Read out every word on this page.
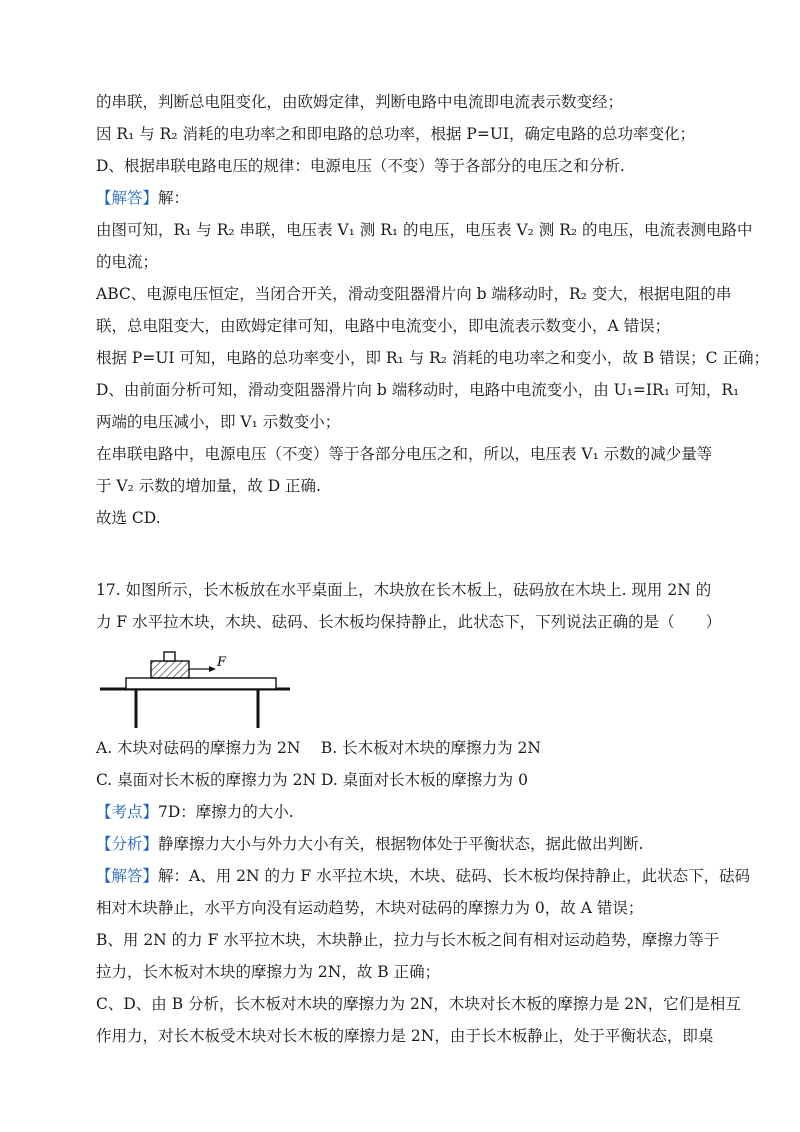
的串联，判断总电阻变化，由欧姆定律，判断电路中电流即电流表示数变经；
因 R₁ 与 R₂ 消耗的电功率之和即电路的总功率，根据 P=UI，确定电路的总功率变化；
D、根据串联电路电压的规律：电源电压（不变）等于各部分的电压之和分析.
【解答】解：
由图可知，R₁ 与 R₂ 串联，电压表 V₁ 测 R₁ 的电压，电压表 V₂ 测 R₂ 的电压，电流表测电路中
的电流；
ABC、电源电压恒定，当闭合开关，滑动变阻器滑片向 b 端移动时，R₂ 变大，根据电阻的串
联，总电阻变大，由欧姆定律可知，电路中电流变小，即电流表示数变小，A 错误；
根据 P=UI 可知，电路的总功率变小，即 R₁ 与 R₂ 消耗的电功率之和变小，故 B 错误；C 正确；
D、由前面分析可知，滑动变阻器滑片向 b 端移动时，电路中电流变小，由 U₁=IR₁ 可知，R₁
两端的电压减小，即 V₁ 示数变小；
在串联电路中，电源电压（不变）等于各部分电压之和，所以，电压表 V₁ 示数的减少量等
于 V₂ 示数的增加量，故 D 正确.
故选 CD.
17. 如图所示，长木板放在水平桌面上，木块放在长木板上，砝码放在木块上. 现用 2N 的
力 F 水平拉木块，木块、砝码、长木板均保持静止，此状态下，下列说法正确的是（　　）
F
A. 木块对砝码的摩擦力为 2N　 B. 长木板对木块的摩擦力为 2N
C. 桌面对长木板的摩擦力为 2N D. 桌面对长木板的摩擦力为 0
【考点】7D：摩擦力的大小.
【分析】静摩擦力大小与外力大小有关，根据物体处于平衡状态，据此做出判断.
【解答】解：A、用 2N 的力 F 水平拉木块，木块、砝码、长木板均保持静止，此状态下，砝码
相对木块静止，水平方向没有运动趋势，木块对砝码的摩擦力为 0，故 A 错误；
B、用 2N 的力 F 水平拉木块，木块静止，拉力与长木板之间有相对运动趋势，摩擦力等于
拉力，长木板对木块的摩擦力为 2N，故 B 正确；
C、D、由 B 分析，长木板对木块的摩擦力为 2N，木块对长木板的摩擦力是 2N，它们是相互
作用力，对长木板受木块对长木板的摩擦力是 2N，由于长木板静止，处于平衡状态，即桌
